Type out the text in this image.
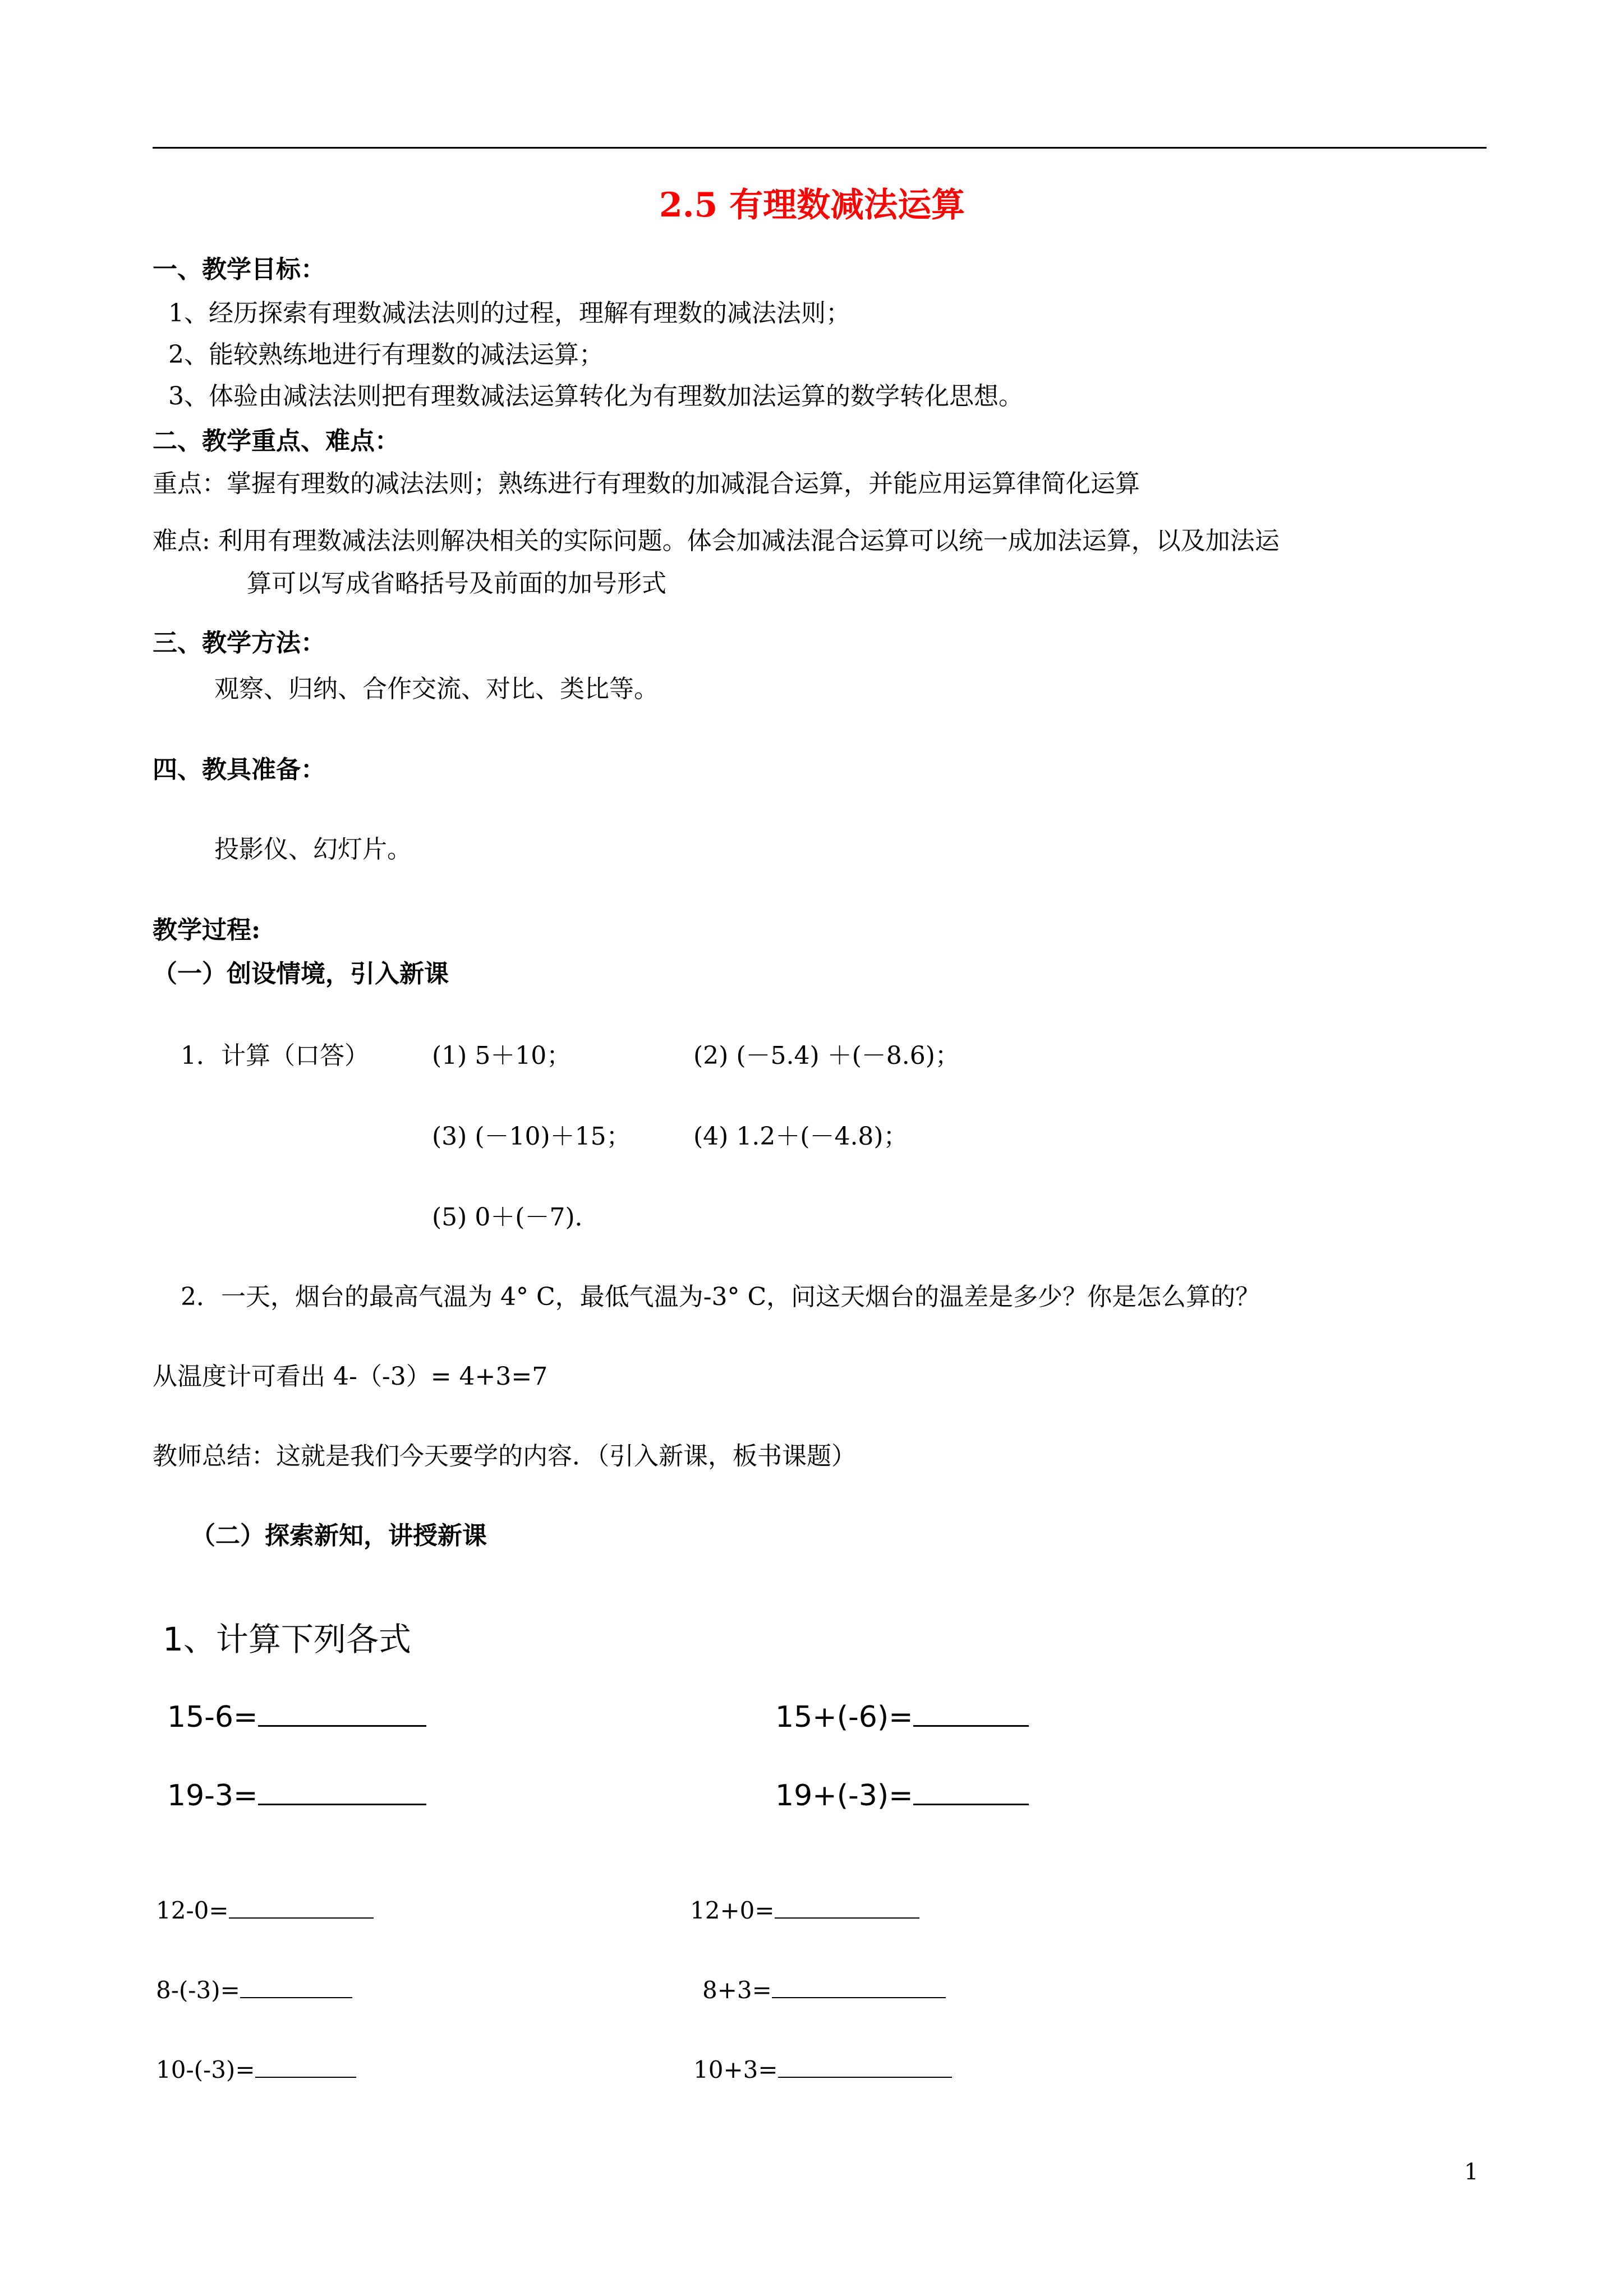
2.5 有理数减法运算
一、教学目标：
1、经历探索有理数减法法则的过程，理解有理数的减法法则；
2、能较熟练地进行有理数的减法运算；
3、体验由减法法则把有理数减法运算转化为有理数加法运算的数学转化思想。
二、教学重点、难点：
重点：掌握有理数的减法法则；熟练进行有理数的加减混合运算，并能应用运算律简化运算
难点: 利用有理数减法法则解决相关的实际问题。体会加减法混合运算可以统一成加法运算，以及加法运
算可以写成省略括号及前面的加号形式
三、教学方法：
观察、归纳、合作交流、对比、类比等。
四、教具准备：
投影仪、幻灯片。
教学过程:
（一）创设情境，引入新课
1．计算（口答）	(1) 5＋10；	(2) (－5.4) ＋(－8.6)；
(3) (－10)＋15；	(4) 1.2＋(－4.8)；
(5) 0＋(－7)．
2．一天，烟台的最高气温为 4° C，最低气温为-3° C，问这天烟台的温差是多少？你是怎么算的？
从温度计可看出 4-（-3）= 4+3=7
教师总结：这就是我们今天要学的内容．（引入新课，板书课题）
（二）探索新知，讲授新课
1、计算下列各式
15-6=	15+(-6)=
19-3=	19+(-3)=
12-0=	12+0=
8-(-3)=	8+3=
10-(-3)=	10+3=
1
